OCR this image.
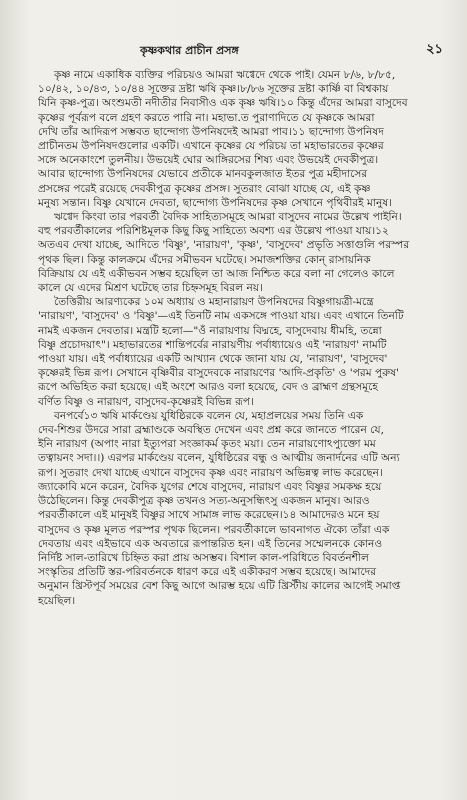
কৃষ্ণকথার প্রাচীন প্রসঙ্গ	২১
কৃষ্ণ নামে একাধিক ব্যক্তির পরিচয়ও আমরা ঋগ্বেদে থেকে পাই। যেমন ৮/৬, ৮/৮৫,
১০/৪২, ১০/৪৩, ১০/৪৪ সূক্তের দ্রষ্টা ঋষি কৃষ্ণ।৮/৮৬ সূক্তের দ্রষ্টা কার্ষ্ণি বা বিশ্বকায়
যিনি কৃষ্ণ-পুত্র। অংশুমতী নদীতীর নিবাসীও এক কৃষ্ণ ঋষি।১০ কিন্তু এঁদের আমরা বাসুদেব
কৃষ্ণের পূর্বরূপ বলে গ্রহণ করতে পারি না। মহাভা.ত পুরাণাদিতে যে কৃষ্ণকে আমরা
দেখি তাঁর আদিরূপ সম্ভবত ছান্দোগ্য উপনিষদেই আমরা পাব।১১ ছান্দোগ্য উপনিষদ
প্রাচীনতম উপনিষদগুলোর একটি। এখানে কৃষ্ণের যে পরিচয় তা মহাভারতের কৃষ্ণের
সঙ্গে অনেকাংশে তুলনীয়। উভয়েই ঘোর আঙ্গিরসের শিষ্য এবং উভয়েই দেবকীপুত্র।
আবার ছান্দোগ্য উপনিষদের যেভাবে প্রতীকে মানবকুলজাত ইতর পুত্র মহীদাসের
প্রসঙ্গের পরেই রয়েছে দেবকীপুত্র কৃষ্ণের প্রসঙ্গ। সুতরাং বোঝা যাচ্ছে যে, এই কৃষ্ণ
মনুষ্য সন্তান। বিষ্ণু যেখানে দেবতা, ছান্দোগ্য উপনিষদের কৃষ্ণ সেখানে পৃথিবীরই মানুষ।
ঋগ্বেদ কিংবা তার পরবর্তী বৈদিক সাহিত্যসমূহে আমরা বাসুদেব নামের উল্লেখ পাইনি।
বহু পরবর্তীকালের পরিশিষ্টমূলক কিছু কিছু সাহিত্যে অবশ্য এর উল্লেখ পাওয়া যায়।১২
অতএব দেখা যাচ্ছে, আদিতে 'বিষ্ণু', 'নারায়ণ', 'কৃষ্ণ', 'বাসুদেব' প্রভৃতি সত্তাগুলি পরস্পর
পৃথক ছিল। কিন্তু কালক্রমে এঁদের সমীভবন ঘটেছে। সমাজশক্তির কোন্ রাসায়নিক
বিক্রিয়ায় যে এই একীভবন সম্ভব হয়েছিল তা আজ নিশ্চিত করে বলা না গেলেও কালে
কালে যে এদের মিশ্রণ ঘটেছে তার চিহ্নসমূহ বিরল নয়।
তৈত্তিরীয় আরণ্যকের ১০ম অধ্যায় ও মহানারায়ণ উপনিষদের বিষ্ণুগায়ত্রী-মন্ত্রে
'নারায়ণ', 'বাসুদেব' ও 'বিষ্ণু'—এই তিনটি নাম একসঙ্গে পাওয়া যায়। এবং এখানে তিনটি
নামই একজন দেবতার। মন্ত্রটি হলো—"ওঁ নারায়ণায় বিদ্মহে, বাসুদেবায় ধীমহি, তন্নো
বিষ্ণু প্রচোদয়াৎ"। মহাভারতের শান্তিপর্বের নারায়ণীয় পর্বাধ্যায়েও এই 'নারায়ণ' নামটি
পাওয়া যায়। এই পর্বাধ্যায়ের একটি আখ্যান থেকে জানা যায় যে, 'নারায়ণ', 'বাসুদেব'
কৃষ্ণেরই ভিন্ন রূপ। সেখানে বৃষ্ণিবীর বাসুদেবকে নারায়ণের 'আদি-প্রকৃতি' ও 'পরম পুরুষ'
রূপে অভিহিত করা হয়েছে। এই অংশে আরও বলা হয়েছে, বেদ ও ব্রাহ্মণ গ্রন্থসমূহে
বর্ণিত বিষ্ণু ও নারায়ণ, বাসুদেব-কৃষ্ণেরই বিভিন্ন রূপ।
বনপর্বে১৩ ঋষি মার্কণ্ডেয় যুধিষ্ঠিরকে বলেন যে, মহাপ্রলয়ের সময় তিনি এক
দেব-শিশুর উদরে সারা ব্রহ্মাণ্ডকে অবস্থিত দেখেন এবং প্রশ্ন করে জানতে পারেন যে,
ইনি নারায়ণ (অপাং নারা ইত্যুপরা সংজ্ঞাকর্ম কৃতং ময়া। তেন নারায়ণোঽপ্যুক্তো মম
তত্বায়নং সদা।।) এরপর মার্কণ্ডেয় বলেন, যুধিষ্ঠিরের বন্ধু ও আত্মীয় জনার্দনের এটি অন্য
রূপ। সুতরাং দেখা যাচ্ছে এখানে বাসুদেব কৃষ্ণ এবং নারায়ণ অভিন্নত্ব লাভ করেছেন।
জ্যাকোবি মনে করেন, বৈদিক যুগের শেষে বাসুদেব, নারায়ণ এবং বিষ্ণুর সমকক্ষ হয়ে
উঠেছিলেন। কিন্তু দেবকীপুত্র কৃষ্ণ তখনও সত্য-অনুসন্ধিৎসু একজন মানুষ। আরও
পরবর্তীকালে এই মানুষই বিষ্ণুর সাথে সামাঙ্গ লাভ করেছেন।১৪ আমাদেরও মনে হয়
বাসুদেব ও কৃষ্ণ মূলত পরস্পর পৃথক ছিলেন। পরবর্তীকালে ভাবনাগত ঐক্যে তাঁরা এক
দেবতায় এবং এইভাবে এক অবতারে রূপান্তরিত হন। এই তিনের সম্মেলনকে কোনও
নির্দিষ্ট সাল-তারিখে চিহ্নিত করা প্রায় অসম্ভব। বিশাল কাল-পরিধিতে বিবর্তনশীল
সংস্কৃতির প্রতিটি স্তর-পরিবর্তনকে ধারণ করে এই একীকরণ সম্ভব হয়েছে। আমাদের
অনুমান খ্রিস্টপূর্ব সময়ের বেশ কিছু আগে আরম্ভ হয়ে এটি খ্রিস্টীয় কালের আগেই সমাপ্ত
হয়েছিল।
